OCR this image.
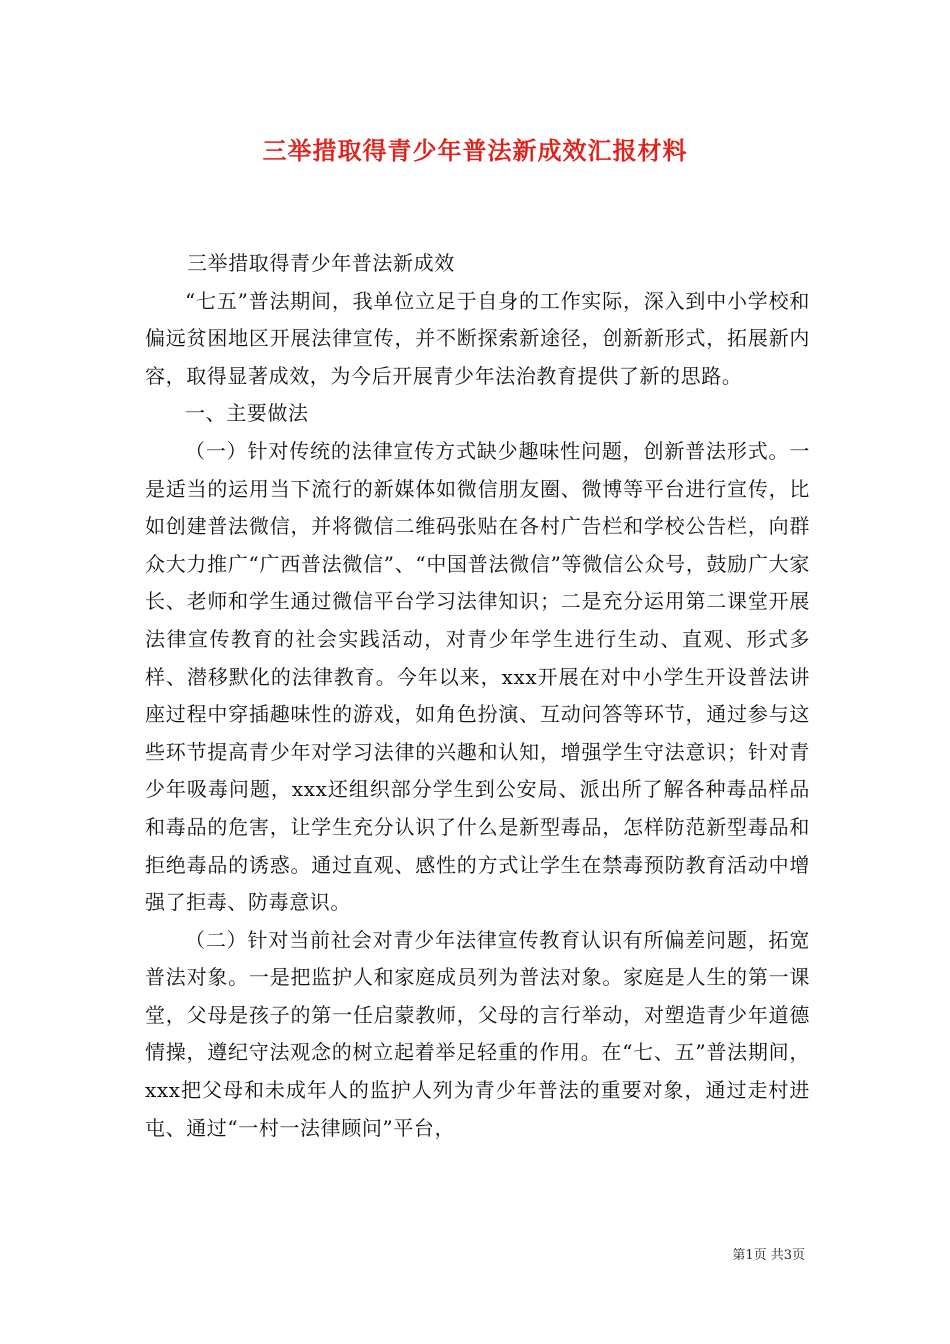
三举措取得青少年普法新成效汇报材料

三举措取得青少年普法新成效

“七五”普法期间，我单位立足于自身的工作实际，深入到中小学校和偏远贫困地区开展法律宣传，并不断探索新途径，创新新形式，拓展新内容，取得显著成效，为今后开展青少年法治教育提供了新的思路。

一、主要做法

（一）针对传统的法律宣传方式缺少趣味性问题，创新普法形式。一是适当的运用当下流行的新媒体如微信朋友圈、微博等平台进行宣传，比如创建普法微信，并将微信二维码张贴在各村广告栏和学校公告栏，向群众大力推广“广西普法微信”、“中国普法微信”等微信公众号，鼓励广大家长、老师和学生通过微信平台学习法律知识；二是充分运用第二课堂开展法律宣传教育的社会实践活动，对青少年学生进行生动、直观、形式多样、潜移默化的法律教育。今年以来，xxx开展在对中小学生开设普法讲座过程中穿插趣味性的游戏，如角色扮演、互动问答等环节，通过参与这些环节提高青少年对学习法律的兴趣和认知，增强学生守法意识；针对青少年吸毒问题，xxx还组织部分学生到公安局、派出所了解各种毒品样品和毒品的危害，让学生充分认识了什么是新型毒品，怎样防范新型毒品和拒绝毒品的诱惑。通过直观、感性的方式让学生在禁毒预防教育活动中增强了拒毒、防毒意识。

（二）针对当前社会对青少年法律宣传教育认识有所偏差问题，拓宽普法对象。一是把监护人和家庭成员列为普法对象。家庭是人生的第一课堂，父母是孩子的第一任启蒙教师，父母的言行举动，对塑造青少年道德情操，遵纪守法观念的树立起着举足轻重的作用。在“七、五”普法期间，xxx把父母和未成年人的监护人列为青少年普法的重要对象，通过走村进屯、通过“一村一法律顾问”平台，

第1页 共3页
